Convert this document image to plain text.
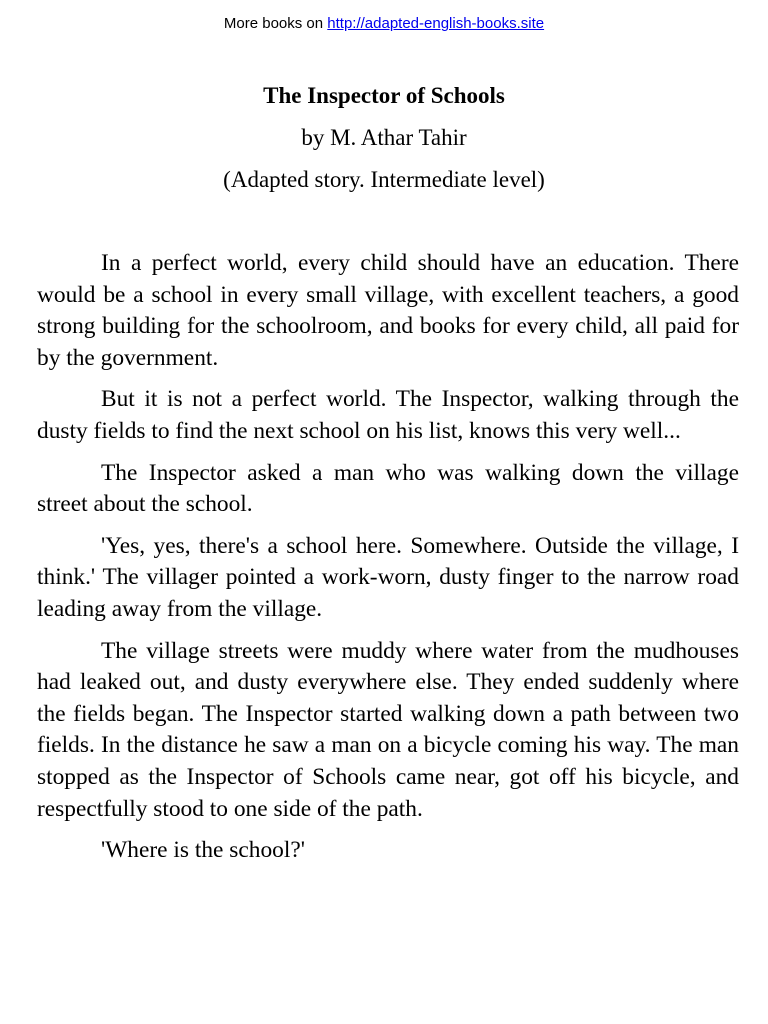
More books on http://adapted-english-books.site
The Inspector of Schools
by M. Athar Tahir
(Adapted story. Intermediate level)

In a perfect world, every child should have an education. There would be a school in every small village, with excellent teachers, a good strong building for the schoolroom, and books for every child, all paid for by the government.

But it is not a perfect world. The Inspector, walking through the dusty fields to find the next school on his list, knows this very well...

The Inspector asked a man who was walking down the village street about the school.

'Yes, yes, there's a school here. Somewhere. Outside the village, I think.' The villager pointed a work-worn, dusty finger to the narrow road leading away from the village.

The village streets were muddy where water from the mudhouses had leaked out, and dusty everywhere else. They ended suddenly where the fields began. The Inspector started walking down a path between two fields. In the distance he saw a man on a bicycle coming his way. The man stopped as the Inspector of Schools came near, got off his bicycle, and respectfully stood to one side of the path.

'Where is the school?'
